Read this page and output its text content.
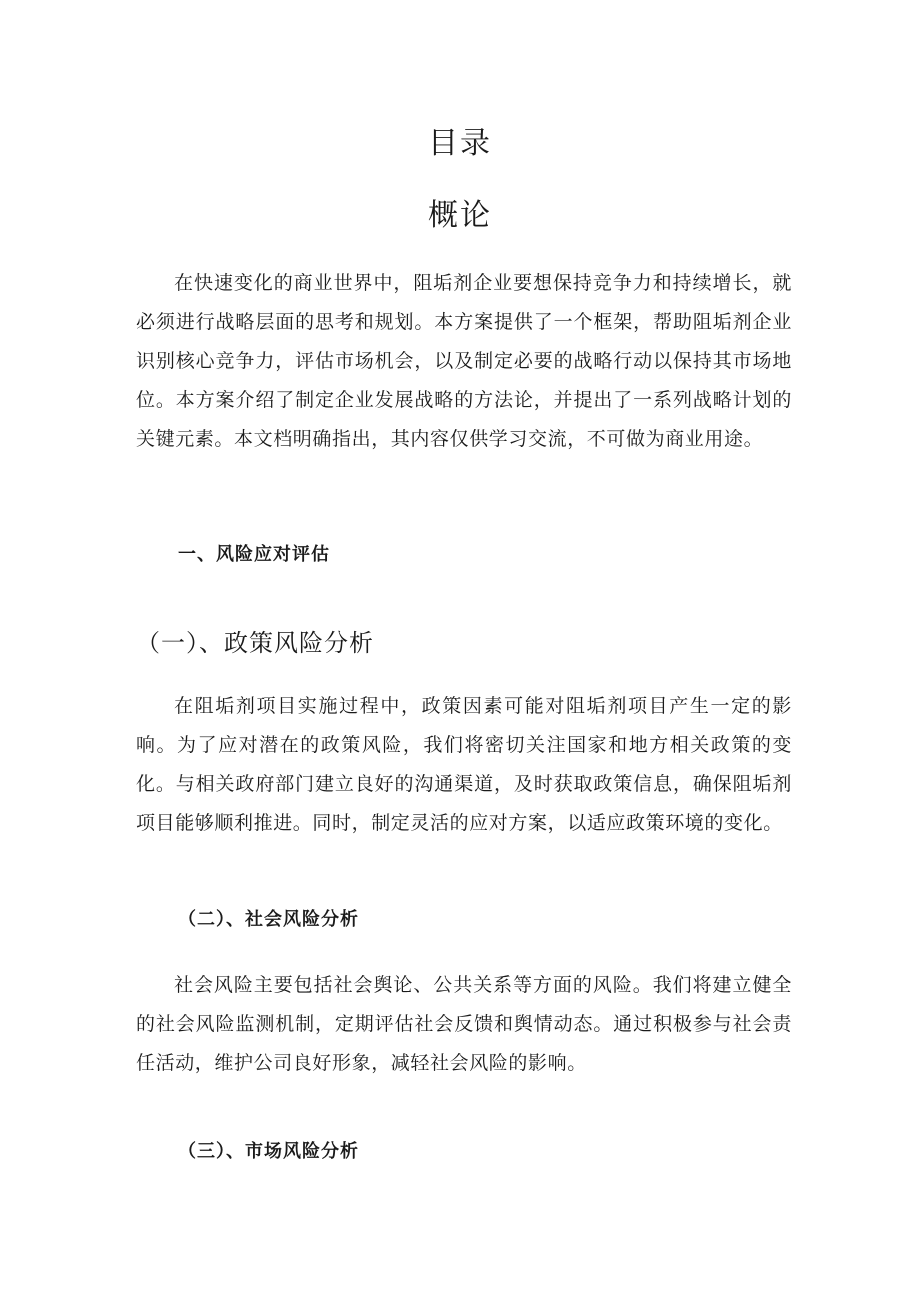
目录
概论

在快速变化的商业世界中，阻垢剂企业要想保持竞争力和持续增长，就必须进行战略层面的思考和规划。本方案提供了一个框架，帮助阻垢剂企业识别核心竞争力，评估市场机会，以及制定必要的战略行动以保持其市场地位。本方案介绍了制定企业发展战略的方法论，并提出了一系列战略计划的关键元素。本文档明确指出，其内容仅供学习交流，不可做为商业用途。

一、风险应对评估
（一）、政策风险分析

在阻垢剂项目实施过程中，政策因素可能对阻垢剂项目产生一定的影响。为了应对潜在的政策风险，我们将密切关注国家和地方相关政策的变化。与相关政府部门建立良好的沟通渠道，及时获取政策信息，确保阻垢剂项目能够顺利推进。同时，制定灵活的应对方案，以适应政策环境的变化。

（二）、社会风险分析

社会风险主要包括社会舆论、公共关系等方面的风险。我们将建立健全的社会风险监测机制，定期评估社会反馈和舆情动态。通过积极参与社会责任活动，维护公司良好形象，减轻社会风险的影响。

（三）、市场风险分析
